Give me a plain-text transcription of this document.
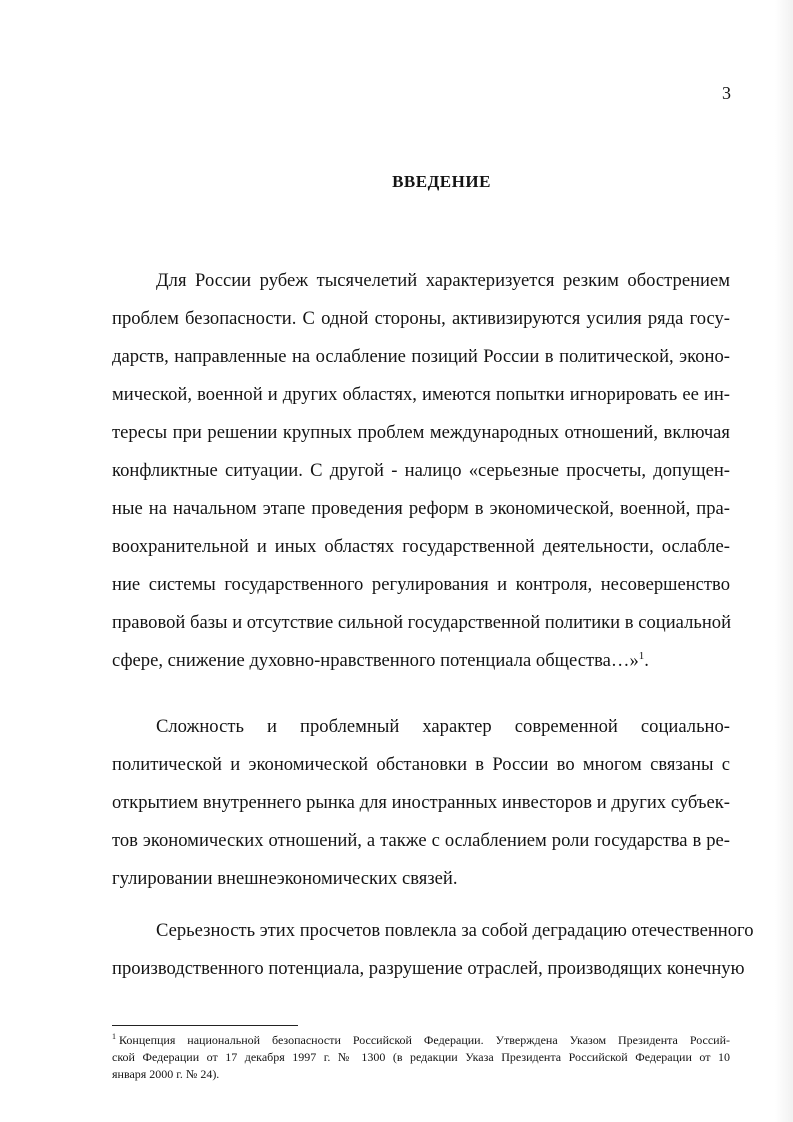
3
ВВЕДЕНИЕ
Для России рубеж тысячелетий характеризуется резким обострением
проблем безопасности. С одной стороны, активизируются усилия ряда госу-
дарств, направленные на ослабление позиций России в политической, эконо-
мической, военной и других областях, имеются попытки игнорировать ее ин-
тересы при решении крупных проблем международных отношений, включая
конфликтные ситуации. С другой - налицо «серьезные просчеты, допущен-
ные на начальном этапе проведения реформ в экономической, военной, пра-
воохранительной и иных областях государственной деятельности, ослабле-
ние системы государственного регулирования и контроля, несовершенство
правовой базы и отсутствие сильной государственной политики в социальной
сфере, снижение духовно-нравственного потенциала общества…»$^1$.
Сложность и проблемный характер современной социально-
политической и экономической обстановки в России во многом связаны с
открытием внутреннего рынка для иностранных инвесторов и других субъек-
тов экономических отношений, а также с ослаблением роли государства в ре-
гулировании внешнеэкономических связей.
Серьезность этих просчетов повлекла за собой деградацию отечественного
производственного потенциала, разрушение отраслей, производящих конечную
$^1$ Концепция национальной безопасности Российской Федерации. Утверждена Указом Президента Россий-
ской Федерации от 17 декабря 1997 г. № 1300 (в редакции Указа Президента Российской Федерации от 10
января 2000 г. № 24).
